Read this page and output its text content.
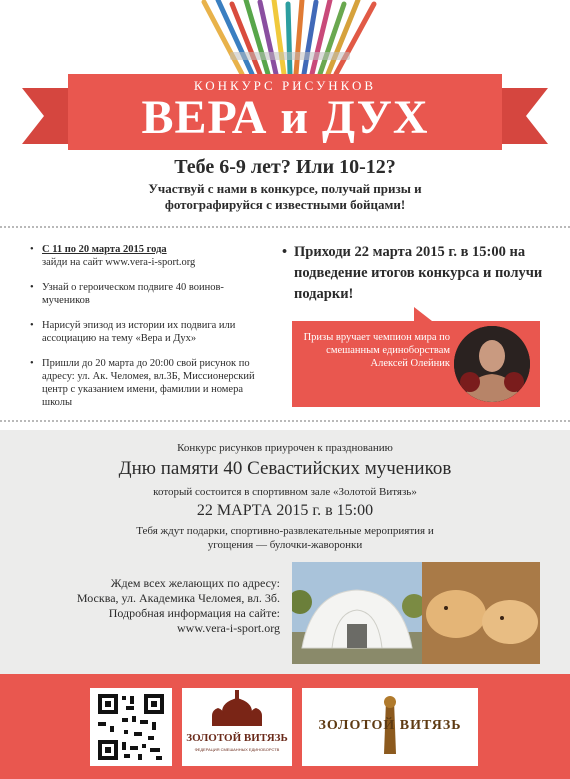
КОНКУРС РИСУНКОВ
ВЕРА и ДУХ
Тебе 6-9 лет? Или 10-12?
Участвуй с нами в конкурсе, получай призы и фотографируйся с известными бойцами!
• С 11 по 20 марта 2015 года
зайди на сайт www.vera-i-sport.org
• Узнай о героическом подвиге 40 воинов-мучеников
• Нарисуй эпизод из истории их подвига или ассоциацию на тему «Вера и Дух»
• Пришли до 20 марта до 20:00 свой рисунок по адресу: ул. Ак. Челомея, вл.3Б, Миссионерский центр с указанием имени, фамилии и номера школы
• Приходи 22 марта 2015 г. в 15:00 на подведение итогов конкурса и получи подарки!
Призы вручает чемпион мира по смешанным единоборствам Алексей Олейник
Конкурс рисунков приурочен к празднованию
Дню памяти 40 Севастийских мучеников
который состоится в спортивном зале «Золотой Витязь»
22 МАРТА 2015 г. в 15:00
Тебя ждут подарки, спортивно-развлекательные мероприятия и угощения — булочки-жаворонки
Ждем всех желающих по адресу:
Москва, ул. Академика Челомея, вл. 3б.
Подробная информация на сайте:
www.vera-i-sport.org
ЗОЛОТОЙ ВИТЯЗЬ
ФЕДЕРАЦИЯ СМЕШАННЫХ ЕДИНОБОРСТВ
ЗОЛОТОЙ ВИТЯЗЬ
